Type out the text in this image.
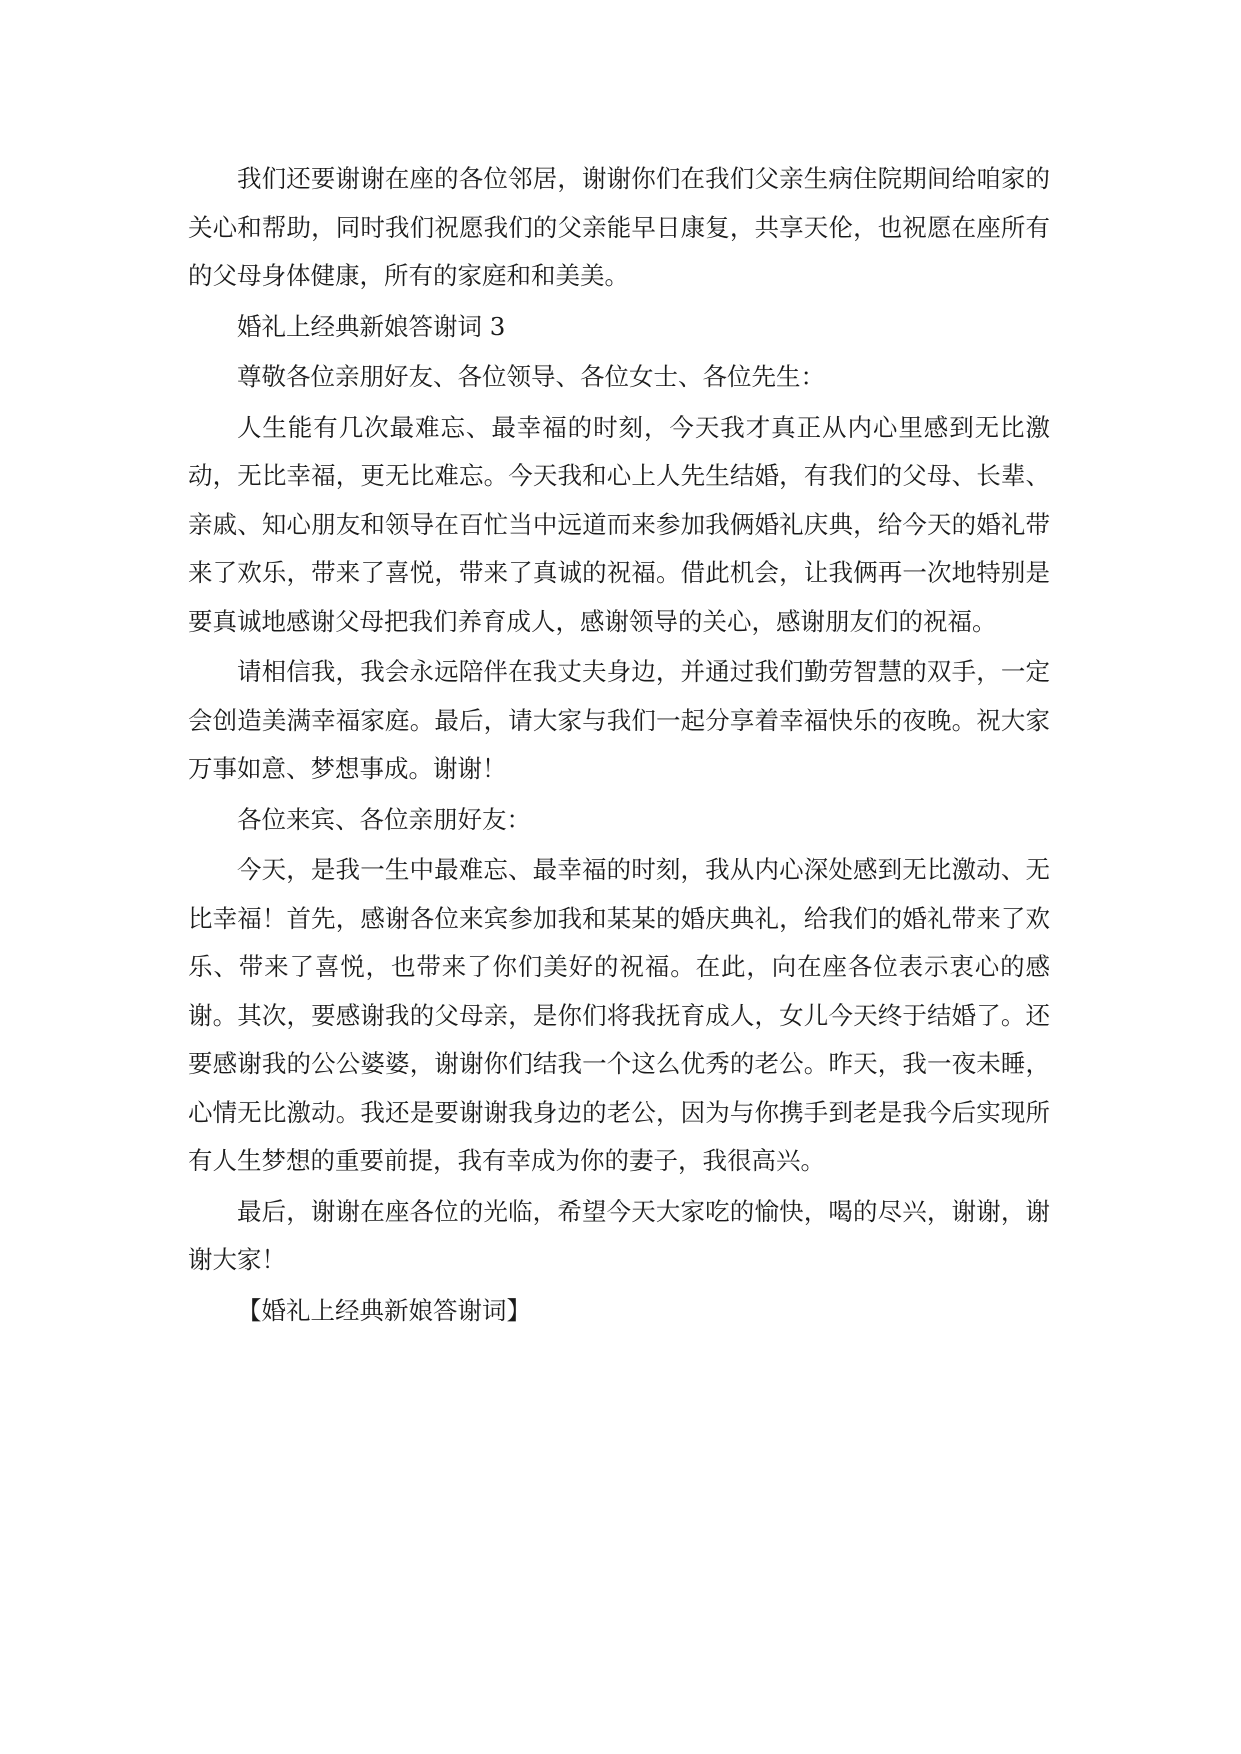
我们还要谢谢在座的各位邻居，谢谢你们在我们父亲生病住院期间给咱家的关心和帮助，同时我们祝愿我们的父亲能早日康复，共享天伦，也祝愿在座所有的父母身体健康，所有的家庭和和美美。

婚礼上经典新娘答谢词 3

尊敬各位亲朋好友、各位领导、各位女士、各位先生：

人生能有几次最难忘、最幸福的时刻，今天我才真正从内心里感到无比激动，无比幸福，更无比难忘。今天我和心上人先生结婚，有我们的父母、长辈、亲戚、知心朋友和领导在百忙当中远道而来参加我俩婚礼庆典，给今天的婚礼带来了欢乐，带来了喜悦，带来了真诚的祝福。借此机会，让我俩再一次地特别是要真诚地感谢父母把我们养育成人，感谢领导的关心，感谢朋友们的祝福。

请相信我，我会永远陪伴在我丈夫身边，并通过我们勤劳智慧的双手，一定会创造美满幸福家庭。最后，请大家与我们一起分享着幸福快乐的夜晚。祝大家万事如意、梦想事成。谢谢！

各位来宾、各位亲朋好友：

今天，是我一生中最难忘、最幸福的时刻，我从内心深处感到无比激动、无比幸福！首先，感谢各位来宾参加我和某某的婚庆典礼，给我们的婚礼带来了欢乐、带来了喜悦，也带来了你们美好的祝福。在此，向在座各位表示衷心的感谢。其次，要感谢我的父母亲，是你们将我抚育成人，女儿今天终于结婚了。还要感谢我的公公婆婆，谢谢你们结我一个这么优秀的老公。昨天，我一夜未睡，心情无比激动。我还是要谢谢我身边的老公，因为与你携手到老是我今后实现所有人生梦想的重要前提，我有幸成为你的妻子，我很高兴。

最后，谢谢在座各位的光临，希望今天大家吃的愉快，喝的尽兴，谢谢，谢谢大家！

【婚礼上经典新娘答谢词】
